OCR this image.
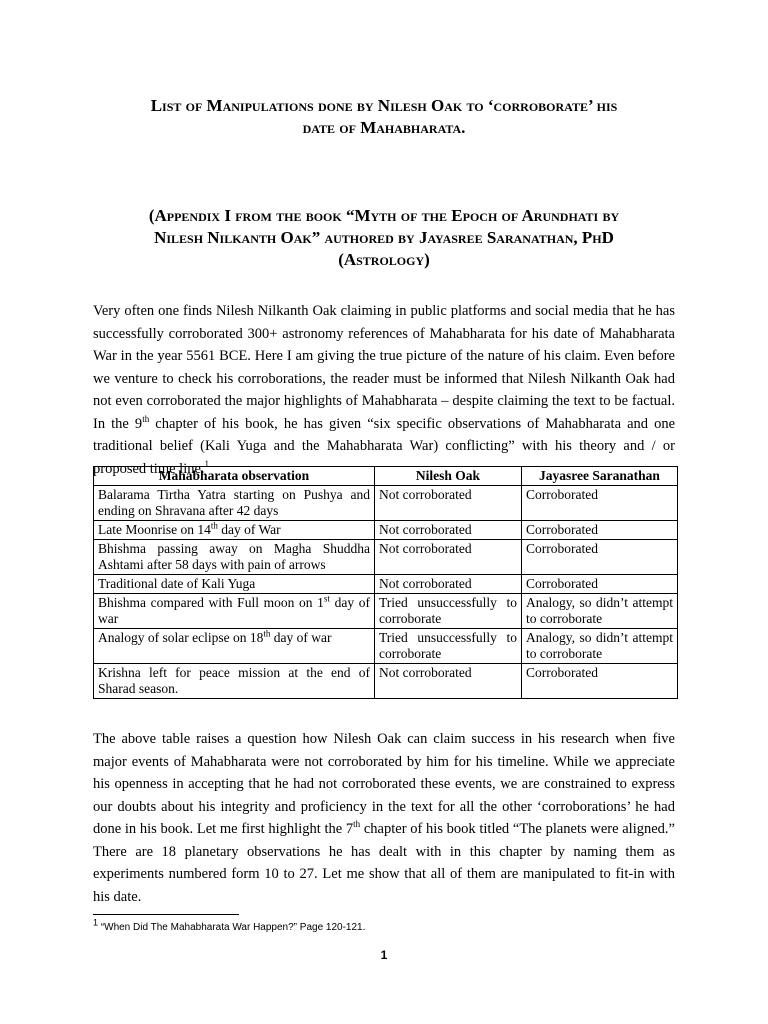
List of Manipulations done by Nilesh Oak to ‘corroborate’ his
date of Mahabharata.
(Appendix I from the book “Myth of the Epoch of Arundhati by
Nilesh Nilkanth Oak” authored by Jayasree Saranathan, PhD
(Astrology)
Very often one finds Nilesh Nilkanth Oak claiming in public platforms and social media that he has successfully corroborated 300+ astronomy references of Mahabharata for his date of Mahabharata War in the year 5561 BCE. Here I am giving the true picture of the nature of his claim. Even before we venture to check his corroborations, the reader must be informed that Nilesh Nilkanth Oak had not even corroborated the major highlights of Mahabharata – despite claiming the text to be factual. In the 9th chapter of his book, he has given “six specific observations of Mahabharata and one traditional belief (Kali Yuga and the Mahabharata War) conflicting” with his theory and / or proposed time line.$^1$
Mahabharata observation	Nilesh Oak	Jayasree Saranathan
Balarama Tirtha Yatra starting on Pushya and ending on Shravana after 42 days	Not corroborated	Corroborated
Late Moonrise on 14th day of War	Not corroborated	Corroborated
Bhishma passing away on Magha Shuddha Ashtami after 58 days with pain of arrows	Not corroborated	Corroborated
Traditional date of Kali Yuga	Not corroborated	Corroborated
Bhishma compared with Full moon on 1st day of war	Tried unsuccessfully to corroborate	Analogy, so didn’t attempt to corroborate
Analogy of solar eclipse on 18th day of war	Tried unsuccessfully to corroborate	Analogy, so didn’t attempt to corroborate
Krishna left for peace mission at the end of Sharad season.	Not corroborated	Corroborated
The above table raises a question how Nilesh Oak can claim success in his research when five major events of Mahabharata were not corroborated by him for his timeline. While we appreciate his openness in accepting that he had not corroborated these events, we are constrained to express our doubts about his integrity and proficiency in the text for all the other ‘corroborations’ he had done in his book. Let me first highlight the 7th chapter of his book titled “The planets were aligned.” There are 18 planetary observations he has dealt with in this chapter by naming them as experiments numbered form 10 to 27. Let me show that all of them are manipulated to fit-in with his date.
$^1$ “When Did The Mahabharata War Happen?” Page 120-121.
1
